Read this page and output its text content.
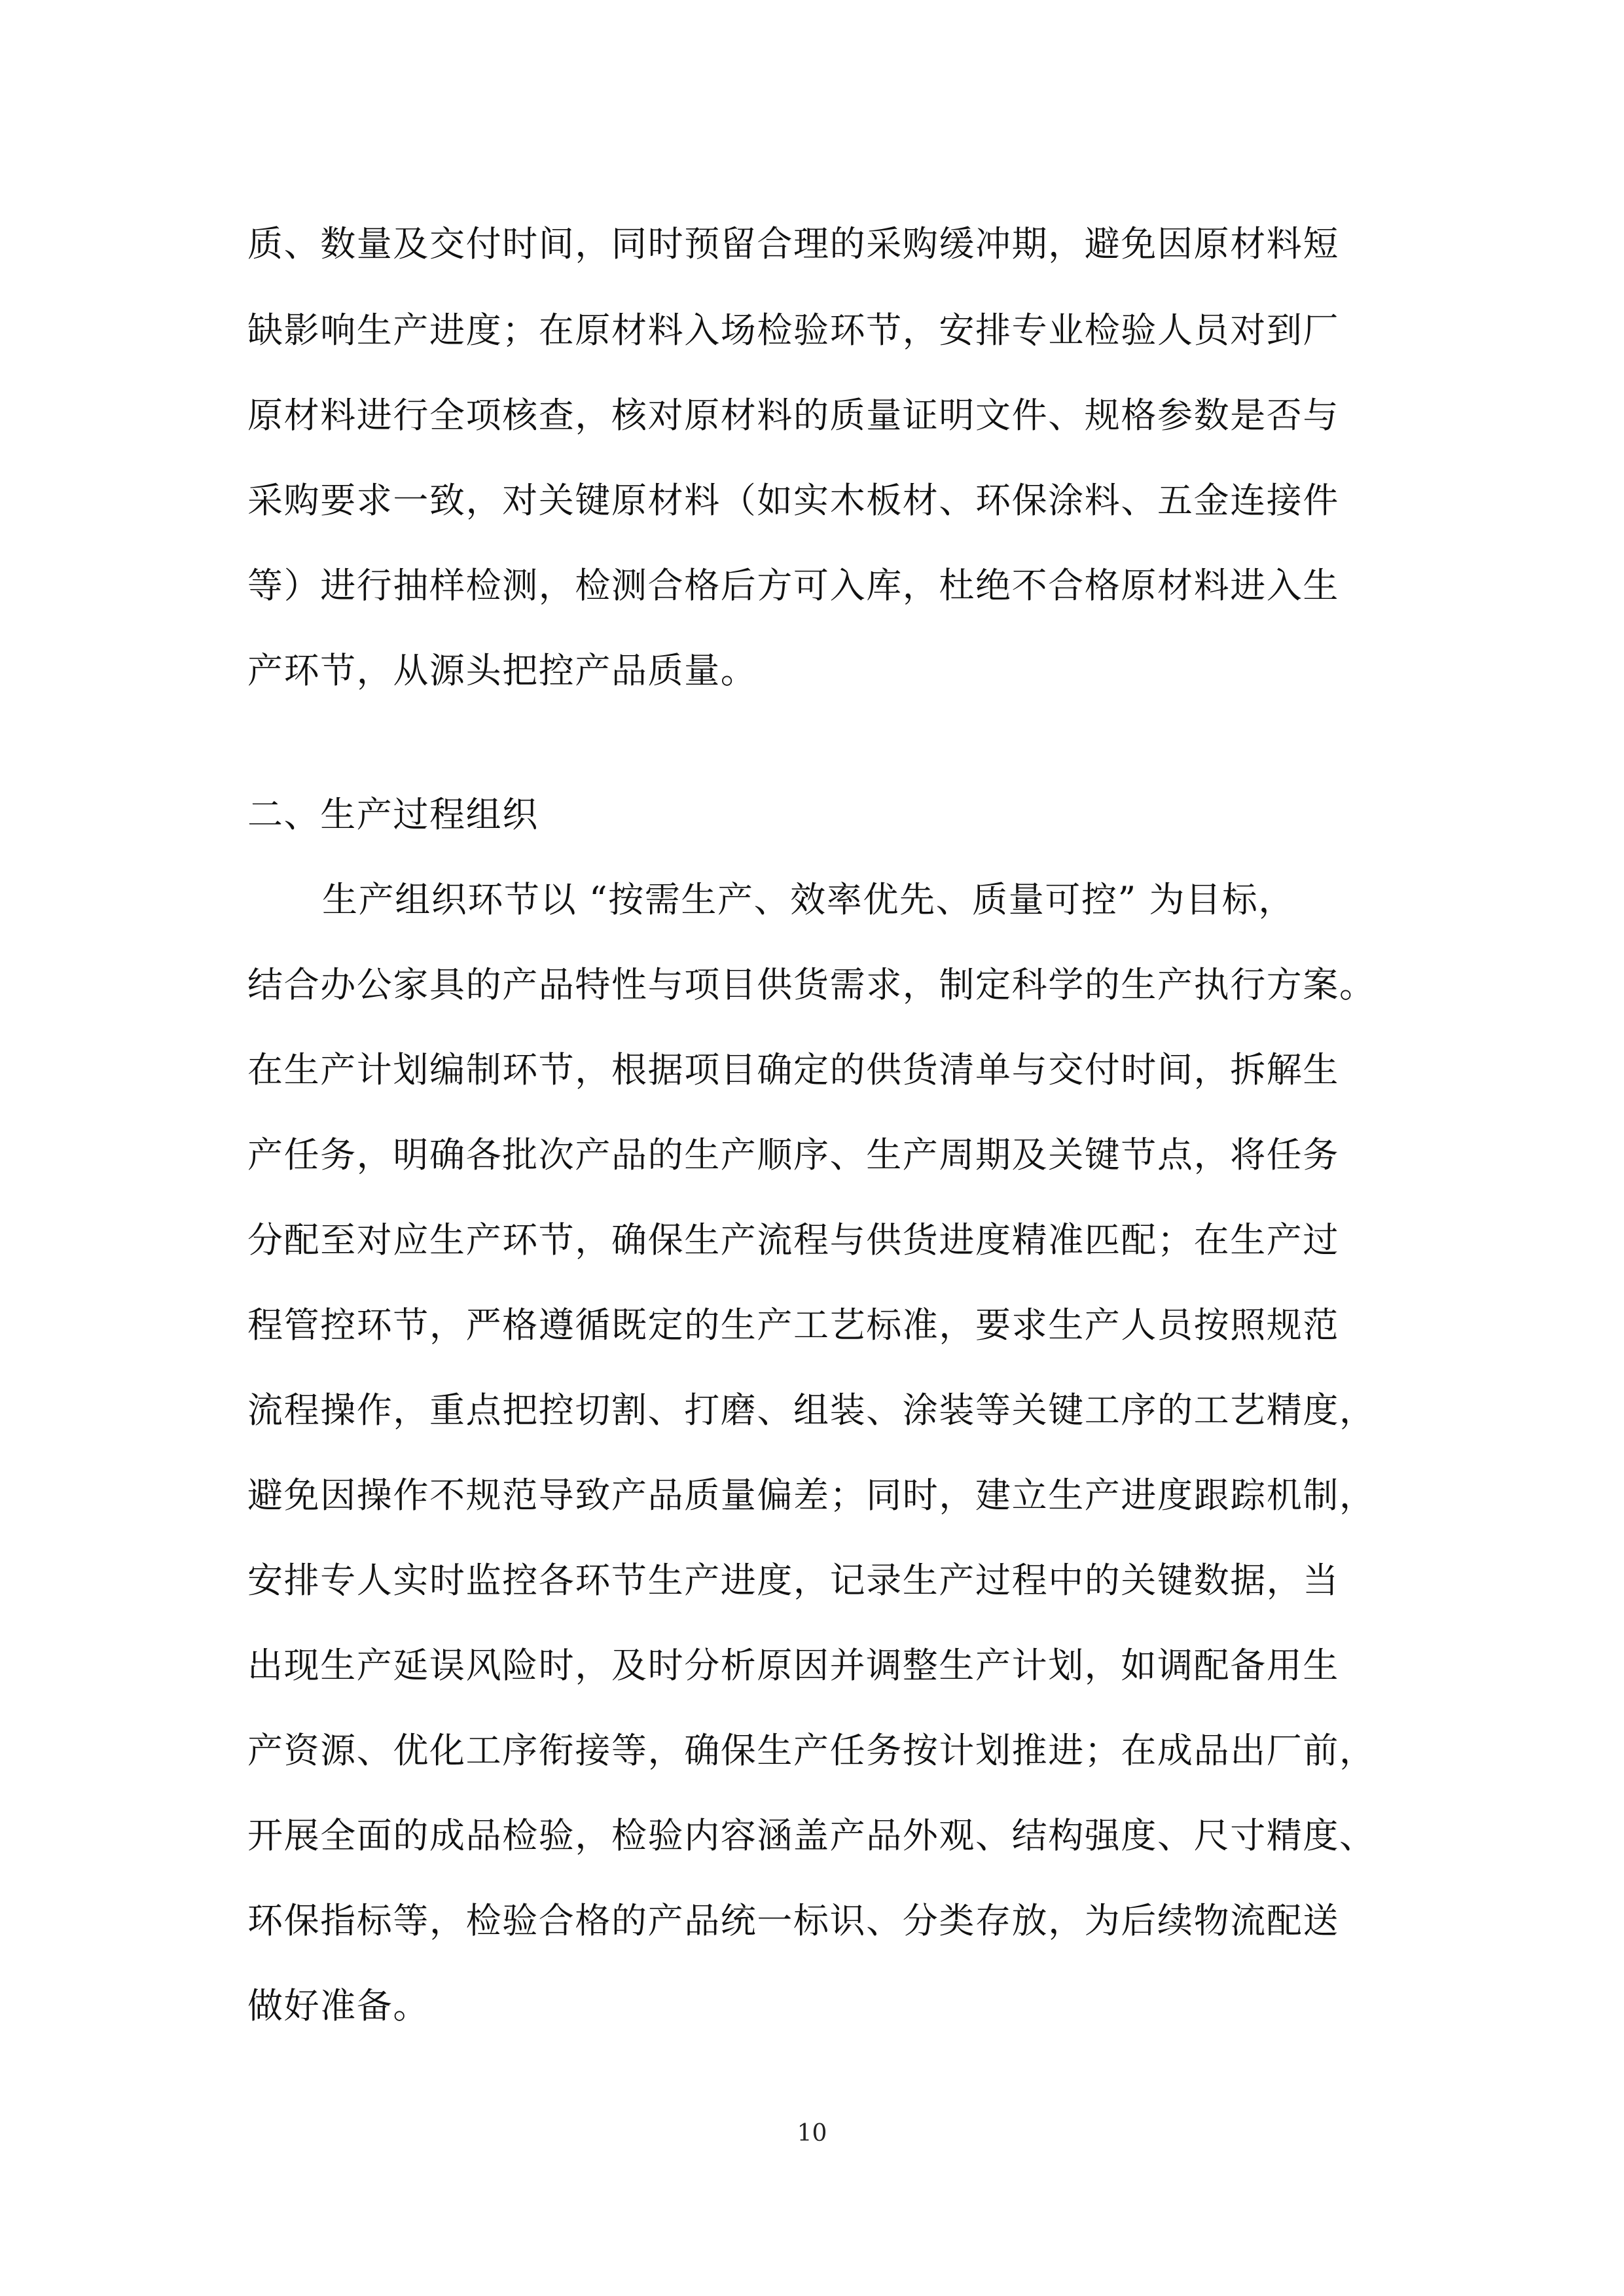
质、数量及交付时间，同时预留合理的采购缓冲期，避免因原材料短
缺影响生产进度；在原材料入场检验环节，安排专业检验人员对到厂
原材料进行全项核查，核对原材料的质量证明文件、规格参数是否与
采购要求一致，对关键原材料（如实木板材、环保涂料、五金连接件
等）进行抽样检测，检测合格后方可入库，杜绝不合格原材料进入生
产环节，从源头把控产品质量。
二、生产过程组织
生产组织环节以 “按需生产、效率优先、质量可控” 为目标，
结合办公家具的产品特性与项目供货需求，制定科学的生产执行方案。
在生产计划编制环节，根据项目确定的供货清单与交付时间，拆解生
产任务，明确各批次产品的生产顺序、生产周期及关键节点，将任务
分配至对应生产环节，确保生产流程与供货进度精准匹配；在生产过
程管控环节，严格遵循既定的生产工艺标准，要求生产人员按照规范
流程操作，重点把控切割、打磨、组装、涂装等关键工序的工艺精度，
避免因操作不规范导致产品质量偏差；同时，建立生产进度跟踪机制，
安排专人实时监控各环节生产进度，记录生产过程中的关键数据，当
出现生产延误风险时，及时分析原因并调整生产计划，如调配备用生
产资源、优化工序衔接等，确保生产任务按计划推进；在成品出厂前，
开展全面的成品检验，检验内容涵盖产品外观、结构强度、尺寸精度、
环保指标等，检验合格的产品统一标识、分类存放，为后续物流配送
做好准备。
10
